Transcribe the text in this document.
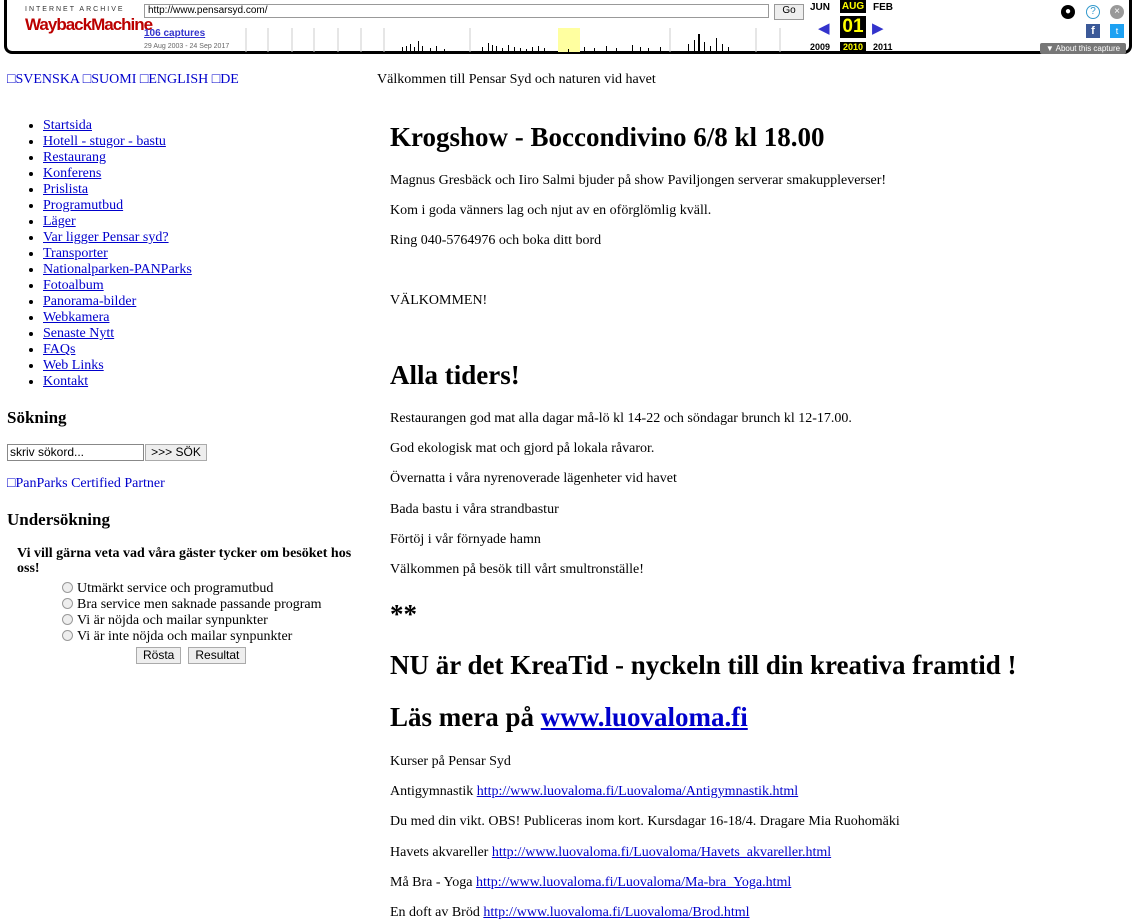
INTERNET ARCHIVE
WaybackMachine
http://www.pensarsyd.com/	Go
106 captures
29 Aug 2003 - 24 Sep 2017
JUN AUG FEB
◀ 01 ▶
2009	2010	2011
●	?	×
f	t
▼ About this capture
□SVENSKA □SUOMI □ENGLISH □DE	Välkommen till Pensar Syd och naturen vid havet
• Startsida
• Hotell - stugor - bastu
• Restaurang
• Konferens
• Prislista
• Programutbud
• Läger
• Var ligger Pensar syd?
• Transporter
• Nationalparken-PANParks
• Fotoalbum
• Panorama-bilder
• Webkamera
• Senaste Nytt
• FAQs
• Web Links
• Kontakt
Sökning
skriv sökord...	>>> SÖK
□PanParks Certified Partner
Undersökning
Vi vill gärna veta vad våra gäster tycker om besöket hos oss!
Utmärkt service och programutbud
Bra service men saknade passande program
Vi är nöjda och mailar synpunkter
Vi är inte nöjda och mailar synpunkter
Rösta Resultat
Krogshow - Boccondivino 6/8 kl 18.00

Magnus Gresbäck och Iiro Salmi bjuder på show Paviljongen serverar smakuppleverser!

Kom i goda vänners lag och njut av en oförglömlig kväll.

Ring 040-5764976 och boka ditt bord

VÄLKOMMEN!

Alla tiders!

Restaurangen god mat alla dagar må-lö kl 14-22 och söndagar brunch kl 12-17.00.

God ekologisk mat och gjord på lokala råvaror.

Övernatta i våra nyrenoverade lägenheter vid havet

Bada bastu i våra strandbastur

Förtöj i vår förnyade hamn

Välkommen på besök till vårt smultronställe!

**
NU är det KreaTid - nyckeln till din kreativa framtid !
Läs mera på www.luovaloma.fi

Kurser på Pensar Syd

Antigymnastik http://www.luovaloma.fi/Luovaloma/Antigymnastik.html

Du med din vikt. OBS! Publiceras inom kort. Kursdagar 16-18/4. Dragare Mia Ruohomäki

Havets akvareller http://www.luovaloma.fi/Luovaloma/Havets_akvareller.html

Må Bra - Yoga http://www.luovaloma.fi/Luovaloma/Ma-bra_Yoga.html

En doft av Bröd http://www.luovaloma.fi/Luovaloma/Brod.html
